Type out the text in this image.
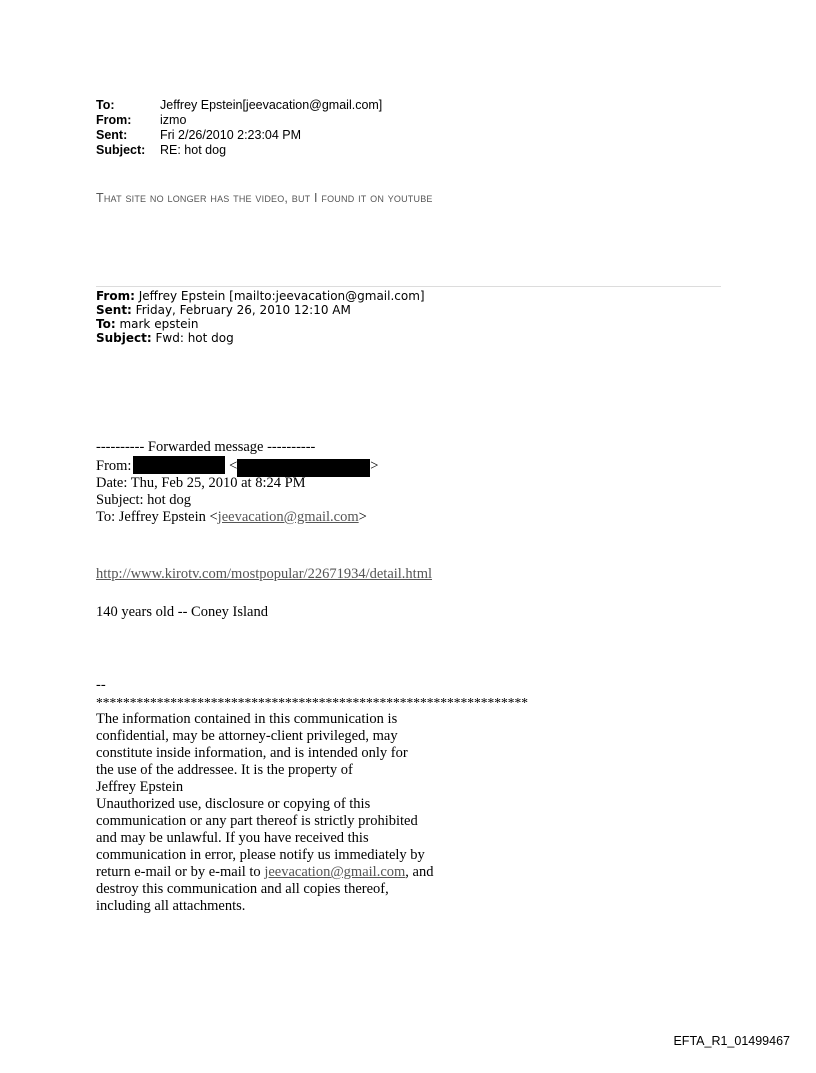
To:	Jeffrey Epstein[jeevacation@gmail.com]
From:	izmo
Sent:	Fri 2/26/2010 2:23:04 PM
Subject:	RE: hot dog
That site no longer has the video, but I found it on youtube
From: Jeffrey Epstein [mailto:jeevacation@gmail.com]
Sent: Friday, February 26, 2010 12:10 AM
To: mark epstein
Subject: Fwd: hot dog
---------- Forwarded message ----------
From:	<	>
Date: Thu, Feb 25, 2010 at 8:24 PM
Subject: hot dog
To: Jeffrey Epstein <jeevacation@gmail.com>
http://www.kirotv.com/mostpopular/22671934/detail.html
140 years old -- Coney Island
--
****************************************************************
The information contained in this communication is
confidential, may be attorney-client privileged, may
constitute inside information, and is intended only for
the use of the addressee. It is the property of
Jeffrey Epstein
Unauthorized use, disclosure or copying of this
communication or any part thereof is strictly prohibited
and may be unlawful. If you have received this
communication in error, please notify us immediately by
return e-mail or by e-mail to jeevacation@gmail.com, and
destroy this communication and all copies thereof,
including all attachments.
EFTA_R1_01499467
